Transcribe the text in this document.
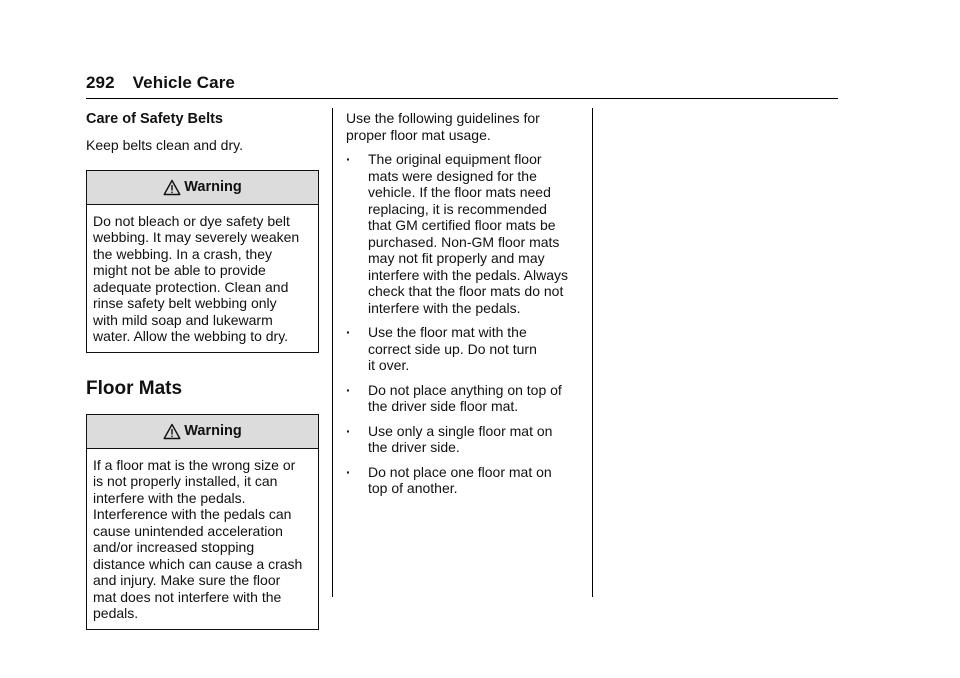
292 Vehicle Care
Care of Safety Belts

Keep belts clean and dry.

Warning
Do not bleach or dye safety belt
webbing. It may severely weaken
the webbing. In a crash, they
might not be able to provide
adequate protection. Clean and
rinse safety belt webbing only
with mild soap and lukewarm
water. Allow the webbing to dry.
Floor Mats
Warning
If a floor mat is the wrong size or
is not properly installed, it can
interfere with the pedals.
Interference with the pedals can
cause unintended acceleration
and/or increased stopping
distance which can cause a crash
and injury. Make sure the floor
mat does not interfere with the
pedals.

Use the following guidelines for
proper floor mat usage.

· The original equipment floor
mats were designed for the
vehicle. If the floor mats need
replacing, it is recommended
that GM certified floor mats be
purchased. Non-GM floor mats
may not fit properly and may
interfere with the pedals. Always
check that the floor mats do not
interfere with the pedals.
· Use the floor mat with the
correct side up. Do not turn
it over.
· Do not place anything on top of
the driver side floor mat.
· Use only a single floor mat on
the driver side.
· Do not place one floor mat on
top of another.
